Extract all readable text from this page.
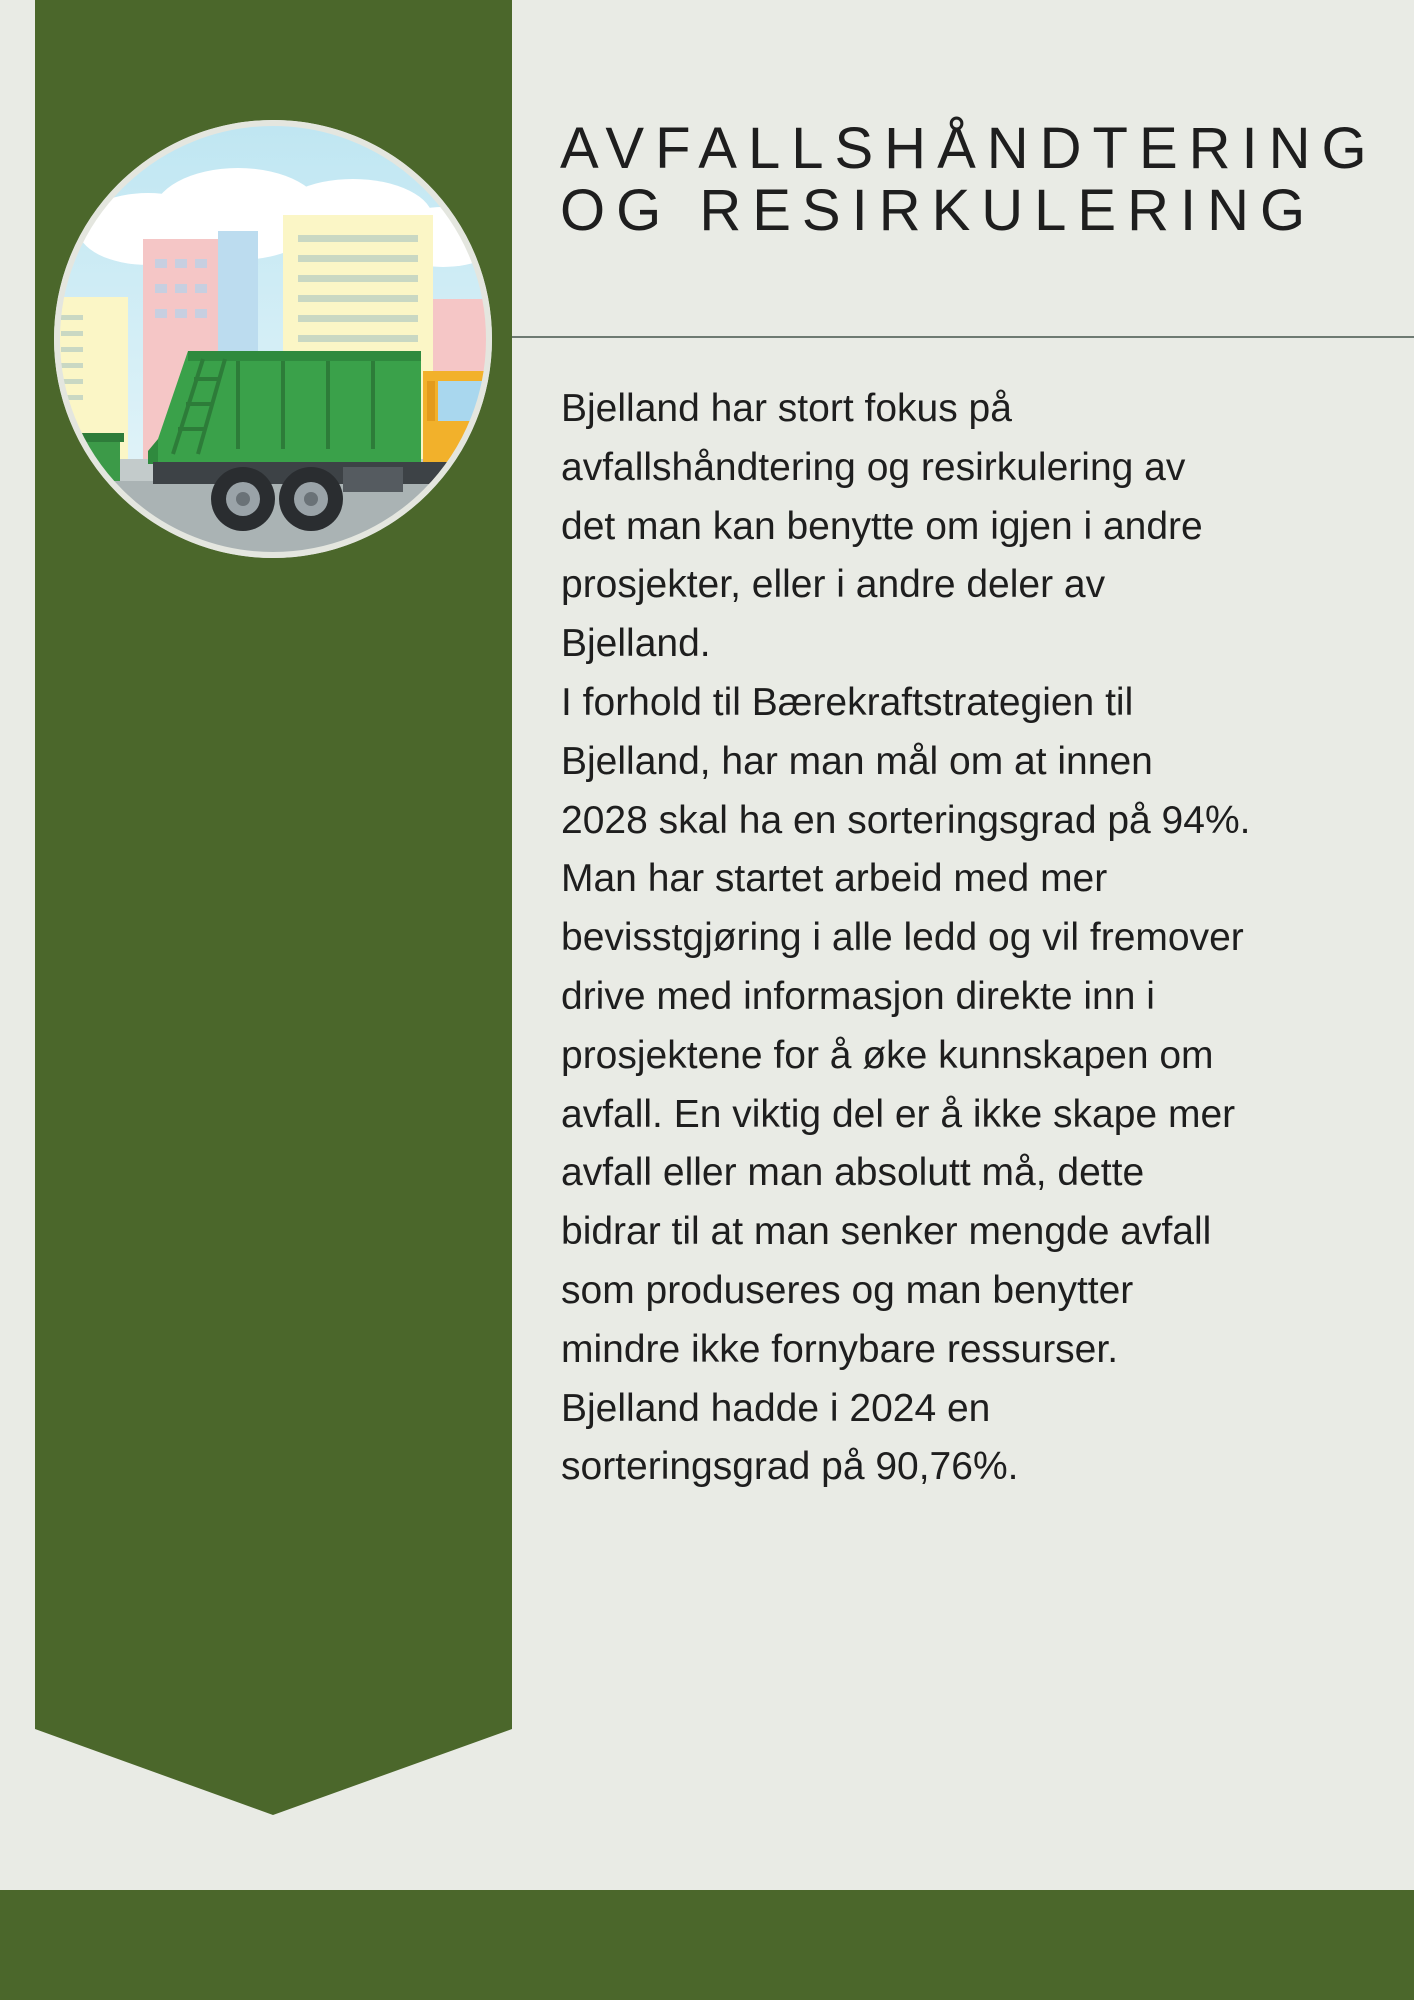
AVFALLSHÅNDTERING
OG RESIRKULERING
Bjelland har stort fokus på
avfallshåndtering og resirkulering av
det man kan benytte om igjen i andre
prosjekter, eller i andre deler av
Bjelland.
I forhold til Bærekraftstrategien til
Bjelland, har man mål om at innen
2028 skal ha en sorteringsgrad på 94%.
Man har startet arbeid med mer
bevisstgjøring i alle ledd og vil fremover
drive med informasjon direkte inn i
prosjektene for å øke kunnskapen om
avfall. En viktig del er å ikke skape mer
avfall eller man absolutt må, dette
bidrar til at man senker mengde avfall
som produseres og man benytter
mindre ikke fornybare ressurser.
Bjelland hadde i 2024 en
sorteringsgrad på 90,76%.
